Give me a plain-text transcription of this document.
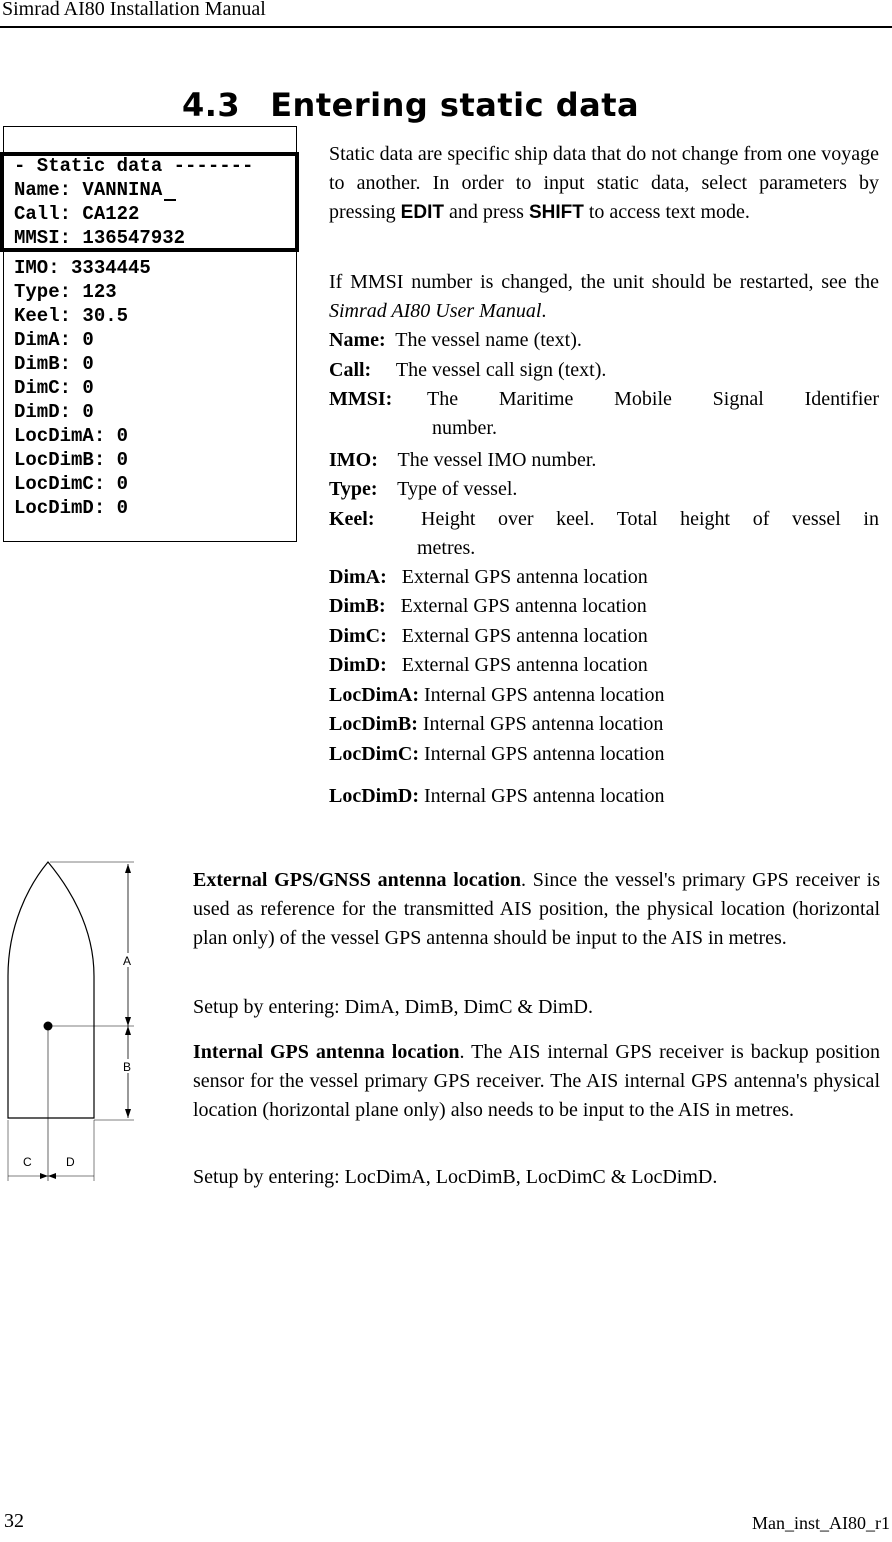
Simrad AI80 Installation Manual
4.3 Entering static data
- Static data -------
Name: VANNINA
Call: CA122
MMSI: 136547932
IMO: 3334445
Type: 123
Keel: 30.5
DimA: 0
DimB: 0
DimC: 0
DimD: 0
LocDimA: 0
LocDimB: 0
LocDimC: 0
LocDimD: 0
Static data are specific ship data that do not change from one voyage to another. In order to input static data, select parameters by pressing EDIT and press SHIFT to access text mode.
If MMSI number is changed, the unit should be restarted, see the Simrad AI80 User Manual.
Name: The vessel name (text).
Call: The vessel call sign (text).
MMSI: The Maritime Mobile Signal Identifier
number.
IMO: The vessel IMO number.
Type: Type of vessel.
Keel: Height over keel. Total height of vessel in
metres.
DimA: External GPS antenna location
DimB: External GPS antenna location
DimC: External GPS antenna location
DimD: External GPS antenna location
LocDimA: Internal GPS antenna location
LocDimB: Internal GPS antenna location
LocDimC: Internal GPS antenna location
LocDimD: Internal GPS antenna location
A
B
C	D
External GPS/GNSS antenna location. Since the vessel's primary GPS receiver is used as reference for the transmitted AIS position, the physical location (horizontal plan only) of the vessel GPS antenna should be input to the AIS in metres.
Setup by entering: DimA, DimB, DimC & DimD.
Internal GPS antenna location. The AIS internal GPS receiver is backup position sensor for the vessel primary GPS receiver. The AIS internal GPS antenna's physical location (horizontal plane only) also needs to be input to the AIS in metres.
Setup by entering: LocDimA, LocDimB, LocDimC & LocDimD.
32	Man_inst_AI80_r1
